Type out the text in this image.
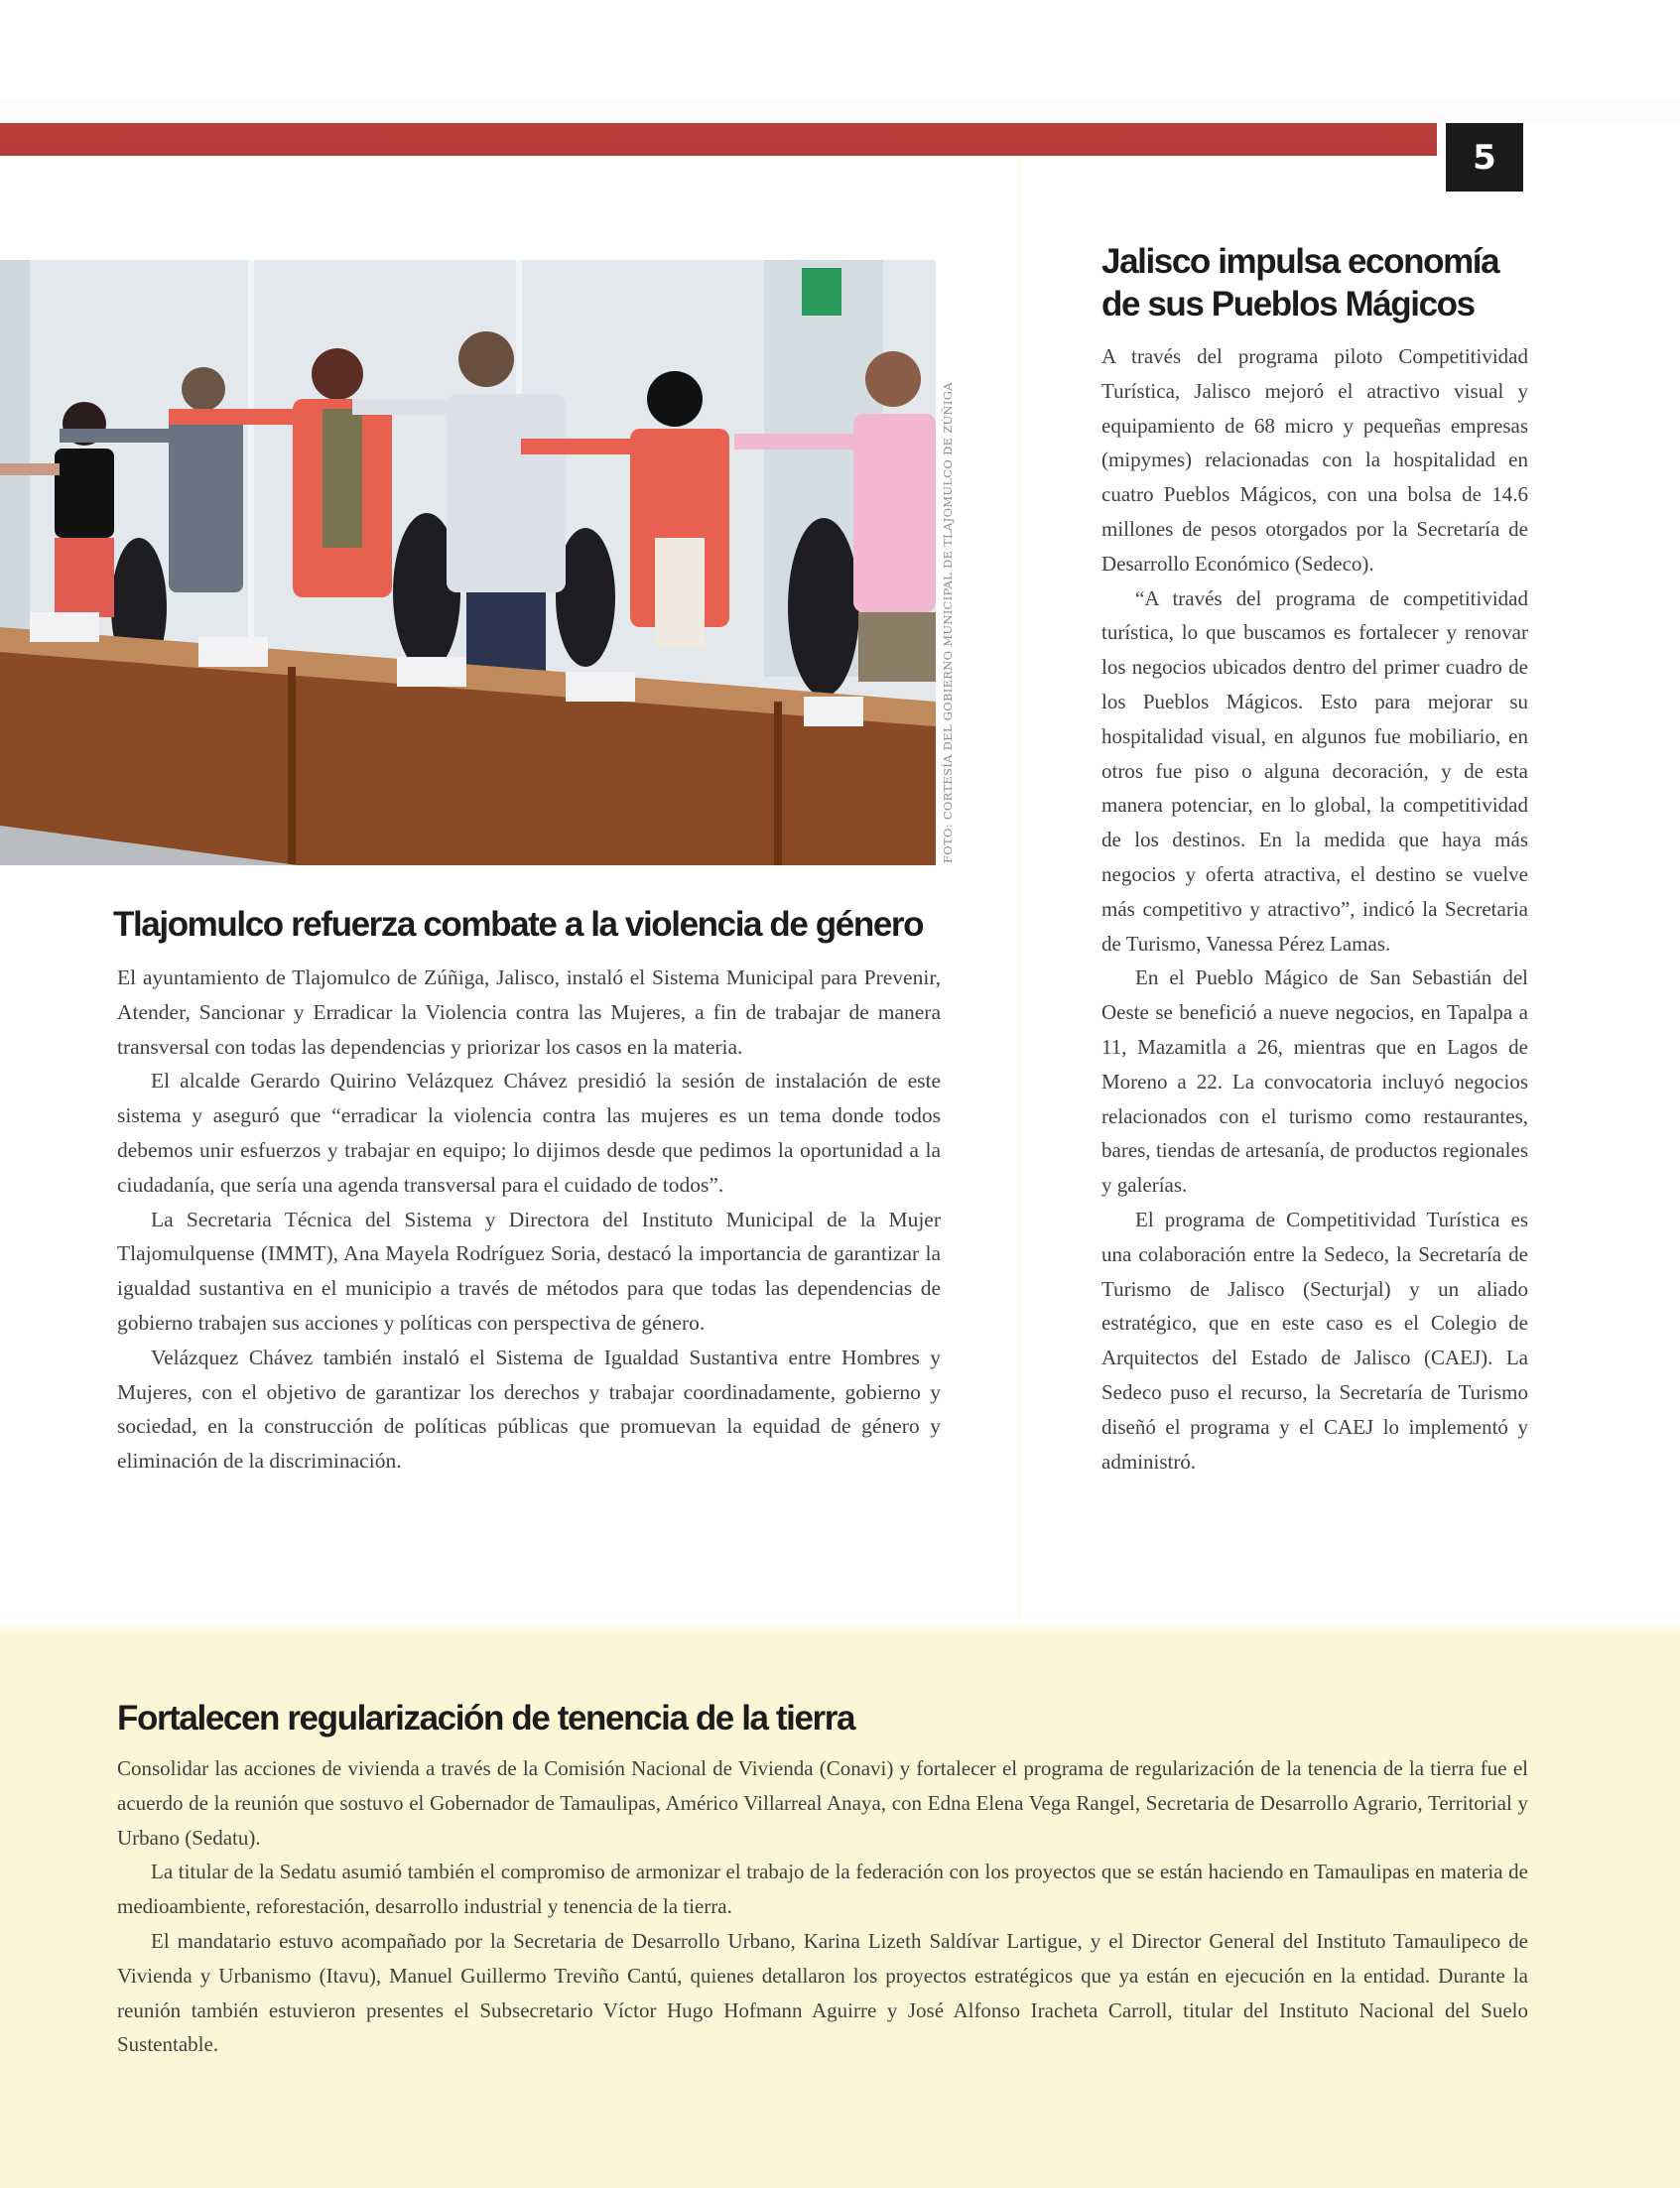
5
FOTO: CORTESÍA DEL GOBIERNO MUNICIPAL DE TLAJOMULCO DE ZÚÑIGA
Tlajomulco refuerza combate a la violencia de género

El ayuntamiento de Tlajomulco de Zúñiga, Jalisco, instaló el Sistema Municipal para Prevenir, Atender, Sancionar y Erradicar la Violencia contra las Mujeres, a fin de trabajar de manera transversal con todas las dependencias y priorizar los casos en la materia.

El alcalde Gerardo Quirino Velázquez Chávez presidió la sesión de instalación de este sistema y aseguró que “erradicar la violencia contra las mujeres es un tema donde todos debemos unir esfuerzos y trabajar en equipo; lo dijimos desde que pedimos la oportunidad a la ciudadanía, que sería una agenda transversal para el cuidado de todos”.

La Secretaria Técnica del Sistema y Directora del Instituto Municipal de la Mujer Tlajomulquense (IMMT), Ana Mayela Rodríguez Soria, destacó la importancia de garantizar la igualdad sustantiva en el municipio a través de métodos para que todas las dependencias de gobierno trabajen sus acciones y políticas con perspectiva de género.

Velázquez Chávez también instaló el Sistema de Igualdad Sustantiva entre Hombres y Mujeres, con el objetivo de garantizar los derechos y trabajar coordinadamente, gobierno y sociedad, en la construcción de políticas públicas que promuevan la equidad de género y eliminación de la discriminación.

Jalisco impulsa economía de sus Pueblos Mágicos

A través del programa piloto Competitividad Turística, Jalisco mejoró el atractivo visual y equipamiento de 68 micro y pequeñas empresas (mipymes) relacionadas con la hospitalidad en cuatro Pueblos Mágicos, con una bolsa de 14.6 millones de pesos otorgados por la Secretaría de Desarrollo Económico (Sedeco).

“A través del programa de competitividad turística, lo que buscamos es fortalecer y renovar los negocios ubicados dentro del primer cuadro de los Pueblos Mágicos. Esto para mejorar su hospitalidad visual, en algunos fue mobiliario, en otros fue piso o alguna decoración, y de esta manera potenciar, en lo global, la competitividad de los destinos. En la medida que haya más negocios y oferta atractiva, el destino se vuelve más competitivo y atractivo”, indicó la Secretaria de Turismo, Vanessa Pérez Lamas.

En el Pueblo Mágico de San Sebastián del Oeste se benefició a nueve negocios, en Tapalpa a 11, Mazamitla a 26, mientras que en Lagos de Moreno a 22. La convocatoria incluyó negocios relacionados con el turismo como restaurantes, bares, tiendas de artesanía, de productos regionales y galerías.

El programa de Competitividad Turística es una colaboración entre la Sedeco, la Secretaría de Turismo de Jalisco (Secturjal) y un aliado estratégico, que en este caso es el Colegio de Arquitectos del Estado de Jalisco (CAEJ). La Sedeco puso el recurso, la Secretaría de Turismo diseñó el programa y el CAEJ lo implementó y administró.

Fortalecen regularización de tenencia de la tierra

Consolidar las acciones de vivienda a través de la Comisión Nacional de Vivienda (Conavi) y fortalecer el programa de regularización de la tenencia de la tierra fue el acuerdo de la reunión que sostuvo el Gobernador de Tamaulipas, Américo Villarreal Anaya, con Edna Elena Vega Rangel, Secretaria de Desarrollo Agrario, Territorial y Urbano (Sedatu).

La titular de la Sedatu asumió también el compromiso de armonizar el trabajo de la federación con los proyectos que se están haciendo en Tamaulipas en materia de medioambiente, reforestación, desarrollo industrial y tenencia de la tierra.

El mandatario estuvo acompañado por la Secretaria de Desarrollo Urbano, Karina Lizeth Saldívar Lartigue, y el Director General del Instituto Tamaulipeco de Vivienda y Urbanismo (Itavu), Manuel Guillermo Treviño Cantú, quienes detallaron los proyectos estratégicos que ya están en ejecución en la entidad. Durante la reunión también estuvieron presentes el Subsecretario Víctor Hugo Hofmann Aguirre y José Alfonso Iracheta Carroll, titular del Instituto Nacional del Suelo Sustentable.
